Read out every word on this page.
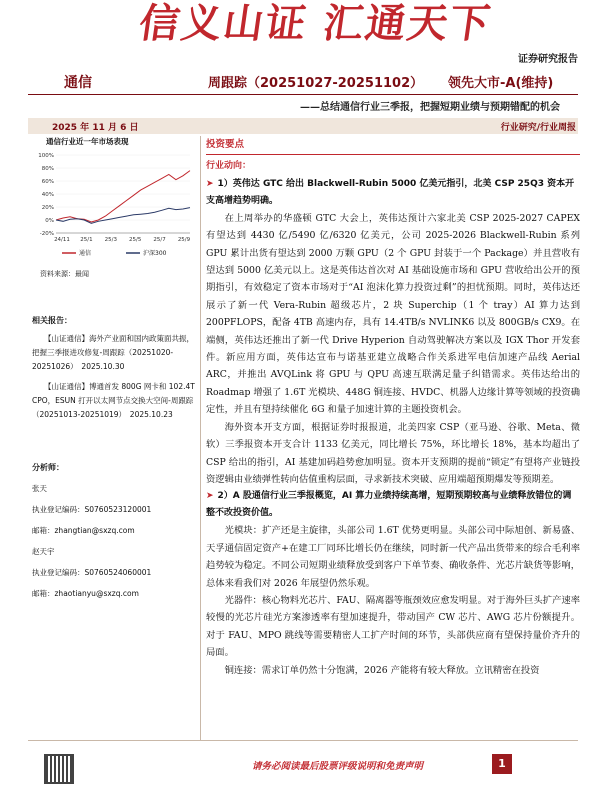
信义山证 汇通天下
证券研究报告
通信	周跟踪（20251027-20251102） 领先大市-A(维持)
——总结通信行业三季报，把握短期业绩与预期错配的机会
2025 年 11 月 6 日	行业研究/行业周报
通信行业近一年市场表现
100%
80%
60%
40%
20%
0%
-20%
24/11 25/1 25/3 25/5 25/7 25/9
通信	沪深300
资料来源：最闻
相关报告：
【山证通信】海外产业面和国内政策面共振，把握三季报进攻修复-周跟踪（20251020-20251026）　2025.10.30
【山证通信】博通首发 800G 网卡和 102.4T CPO，ESUN 打开以太网节点交换大空间-周跟踪（20251013-20251019）　2025.10.23
分析师：
张天
执业登记编码：S0760523120001
邮箱：zhangtian@sxzq.com
赵天宇
执业登记编码：S0760524060001
邮箱：zhaotianyu@sxzq.com
投资要点
行业动向：
➤ 1）英伟达 GTC 给出 Blackwell-Rubin 5000 亿美元指引，北美 CSP 25Q3 资本开支高增趋势明确。

在上周举办的华盛顿 GTC 大会上，英伟达预计六家北美 CSP 2025-2027 CAPEX 有望达到 4430 亿/5490 亿/6320 亿美元，公司 2025-2026 Blackwell-Rubin 系列 GPU 累计出货有望达到 2000 万颗 GPU（2 个 GPU 封装于一个 Package）并且营收有望达到 5000 亿美元以上。这是英伟达首次对 AI 基础设施市场和 GPU 营收给出公开的预期指引，有效稳定了资本市场对于“AI 泡沫化算力投资过剩”的担忧预期。同时，英伟达还展示了新一代 Vera-Rubin 超级芯片，2 块 Superchip（1 个 tray）AI 算力达到 200PFLOPS，配备 4TB 高速内存，具有 14.4TB/s NVLINK6 以及 800GB/s CX9。在端侧，英伟达还推出了新一代 Drive Hyperion 自动驾驶解决方案以及 IGX Thor 开发套件。新应用方面，英伟达宣布与诺基亚建立战略合作关系进军电信加速产品线 Aerial ARC，并推出 AVQLink 将 GPU 与 QPU 高速互联满足量子纠错需求。英伟达给出的 Roadmap 增强了 1.6T 光模块、448G 铜连接、HVDC、机器人边缘计算等领域的投资确定性，并且有望持续催化 6G 和量子加速计算的主题投资机会。

海外资本开支方面，根据证券时报报道，北美四家 CSP（亚马逊、谷歌、Meta、微软）三季报资本开支合计 1133 亿美元，同比增长 75%，环比增长 18%，基本均超出了 CSP 给出的指引，AI 基建加码趋势愈加明显。资本开支预期的提前“锁定”有望将产业链投资逻辑由业绩弹性转向估值重构层面，寻求新技术突破、应用端超预期爆发等预期差。

➤ 2）A 股通信行业三季报概览，AI 算力业绩持续高增，短期预期较高与业绩释放错位的调整不改投资价值。

光模块：扩产还是主旋律，头部公司 1.6T 优势更明显。头部公司中际旭创、新易盛、天孚通信固定资产+在建工厂同环比增长仍在继续，同时新一代产品出货带来的综合毛利率趋势较为稳定。不同公司短期业绩释放受到客户下单节奏、确收条件、光芯片缺货等影响，总体来看我们对 2026 年展望仍然乐观。

光器件：核心物料光芯片、FAU、隔离器等瓶颈效应愈发明显。对于海外巨头扩产速率较慢的光芯片硅光方案渗透率有望加速提升，带动国产 CW 芯片、AWG 芯片份额提升。对于 FAU、MPO 跳线等需要精密人工扩产时间的环节，头部供应商有望保持量价齐升的局面。

铜连接：需求订单仍然十分饱满，2026 产能将有较大释放。立讯精密在投资

请务必阅读最后股票评级说明和免责声明	1
